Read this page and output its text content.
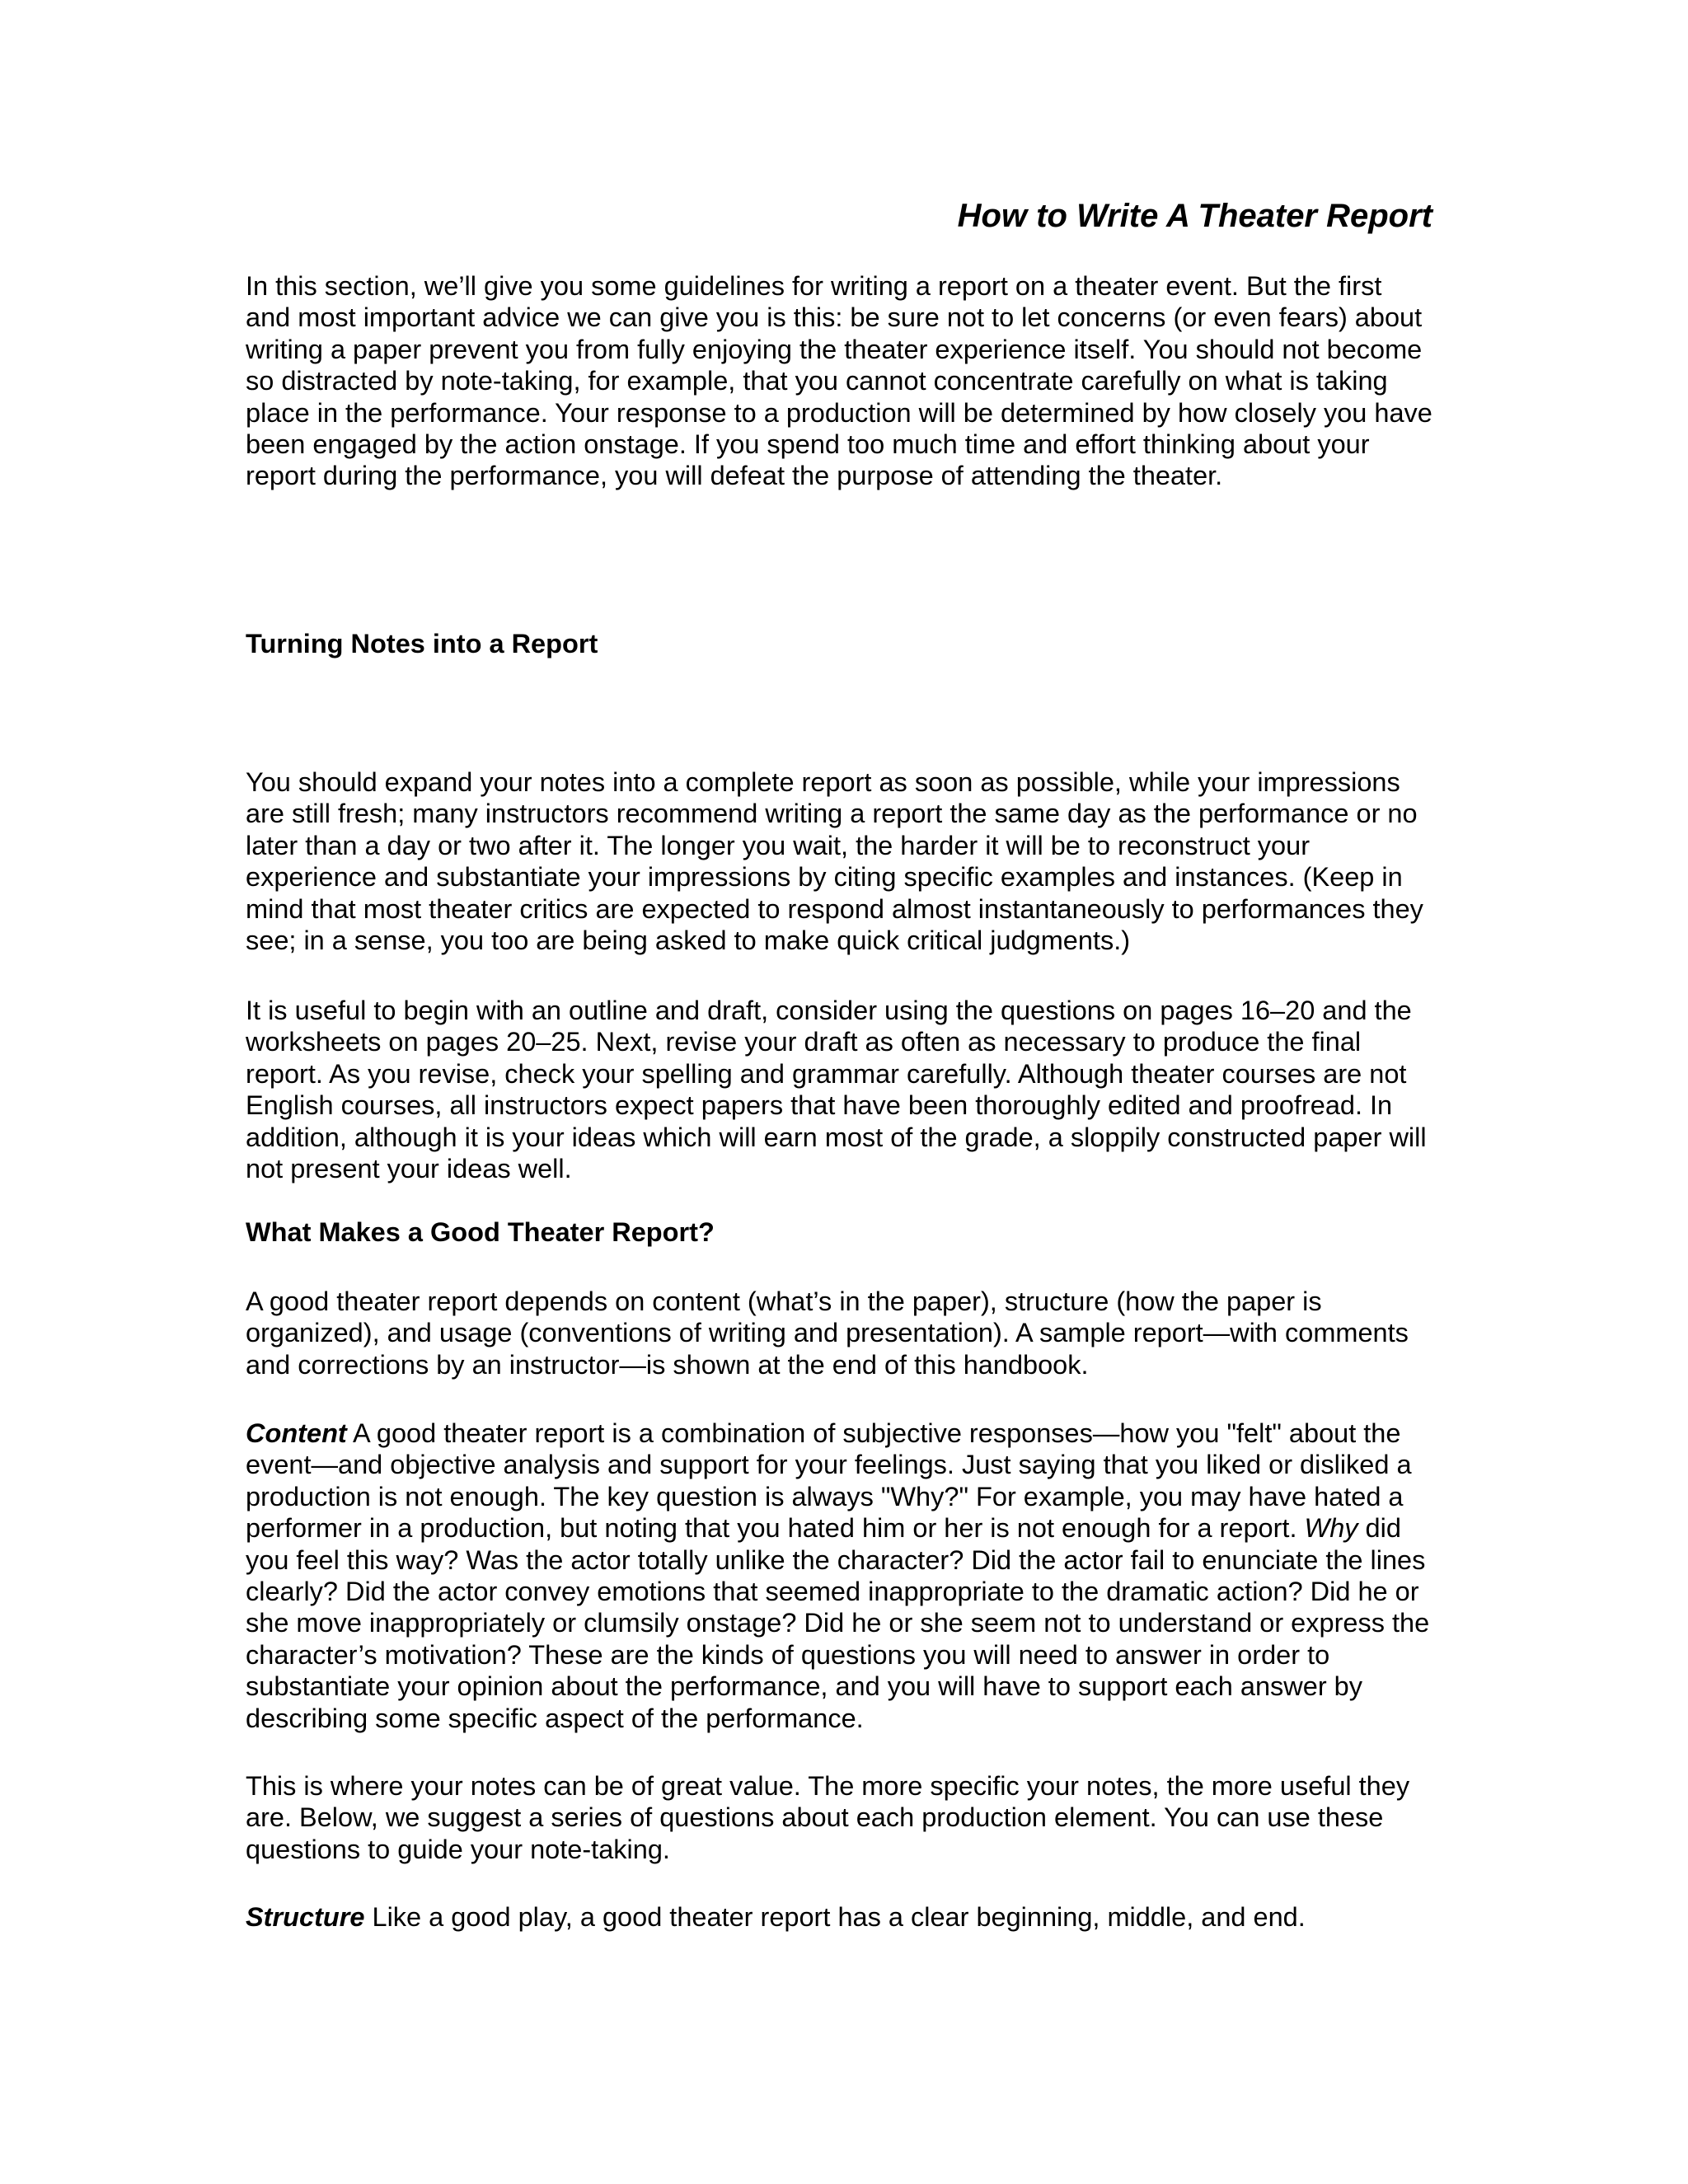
How to Write A Theater Report

In this section, we’ll give you some guidelines for writing a report on a theater event. But the first and most important advice we can give you is this: be sure not to let concerns (or even fears) about writing a paper prevent you from fully enjoying the theater experience itself. You should not become so distracted by note-taking, for example, that you cannot concentrate carefully on what is taking place in the performance. Your response to a production will be determined by how closely you have been engaged by the action onstage. If you spend too much time and effort thinking about your report during the performance, you will defeat the purpose of attending the theater.

Turning Notes into a Report

You should expand your notes into a complete report as soon as possible, while your impressions are still fresh; many instructors recommend writing a report the same day as the performance or no later than a day or two after it. The longer you wait, the harder it will be to reconstruct your experience and substantiate your impressions by citing specific examples and instances. (Keep in mind that most theater critics are expected to respond almost instantaneously to performances they see; in a sense, you too are being asked to make quick critical judgments.)

It is useful to begin with an outline and draft, consider using the questions on pages 16–20 and the worksheets on pages 20–25. Next, revise your draft as often as necessary to produce the final report. As you revise, check your spelling and grammar carefully. Although theater courses are not English courses, all instructors expect papers that have been thoroughly edited and proofread. In addition, although it is your ideas which will earn most of the grade, a sloppily constructed paper will not present your ideas well.

What Makes a Good Theater Report?

A good theater report depends on content (what’s in the paper), structure (how the paper is organized), and usage (conventions of writing and presentation). A sample report—with comments and corrections by an instructor—is shown at the end of this handbook.

Content A good theater report is a combination of subjective responses—how you "felt" about the event—and objective analysis and support for your feelings. Just saying that you liked or disliked a production is not enough. The key question is always "Why?" For example, you may have hated a performer in a production, but noting that you hated him or her is not enough for a report. Why did you feel this way? Was the actor totally unlike the character? Did the actor fail to enunciate the lines clearly? Did the actor convey emotions that seemed inappropriate to the dramatic action? Did he or she move inappropriately or clumsily onstage? Did he or she seem not to understand or express the character’s motivation? These are the kinds of questions you will need to answer in order to substantiate your opinion about the performance, and you will have to support each answer by describing some specific aspect of the performance.

This is where your notes can be of great value. The more specific your notes, the more useful they are. Below, we suggest a series of questions about each production element. You can use these questions to guide your note-taking.

Structure Like a good play, a good theater report has a clear beginning, middle, and end.
